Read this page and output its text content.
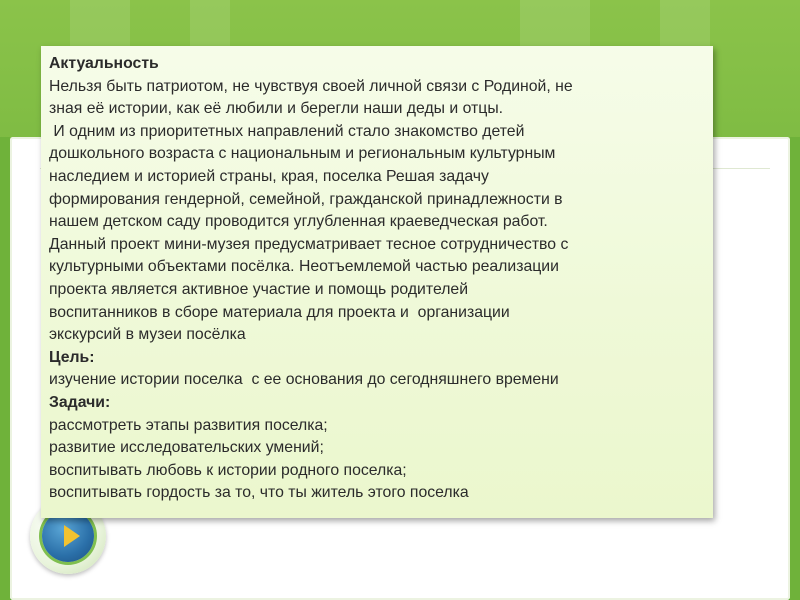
Актуальность
Нельзя быть патриотом, не чувствуя своей личной связи с Родиной, не
зная её истории, как её любили и берегли наши деды и отцы.
И одним из приоритетных направлений стало знакомство детей
дошкольного возраста с национальным и региональным культурным
наследием и историей страны, края, поселка Решая задачу
формирования гендерной, семейной, гражданской принадлежности в
нашем детском саду проводится углубленная краеведческая работ.
Данный проект мини-музея предусматривает тесное сотрудничество с
культурными объектами посёлка. Неотъемлемой частью реализации
проекта является активное участие и помощь родителей
воспитанников в сборе материала для проекта и  организации
экскурсий в музеи посёлка
Цель:
изучение истории поселка  с ее основания до сегодняшнего времени
Задачи:
рассмотреть этапы развития поселка;
развитие исследовательских умений;
воспитывать любовь к истории родного поселка;
воспитывать гордость за то, что ты житель этого поселка
